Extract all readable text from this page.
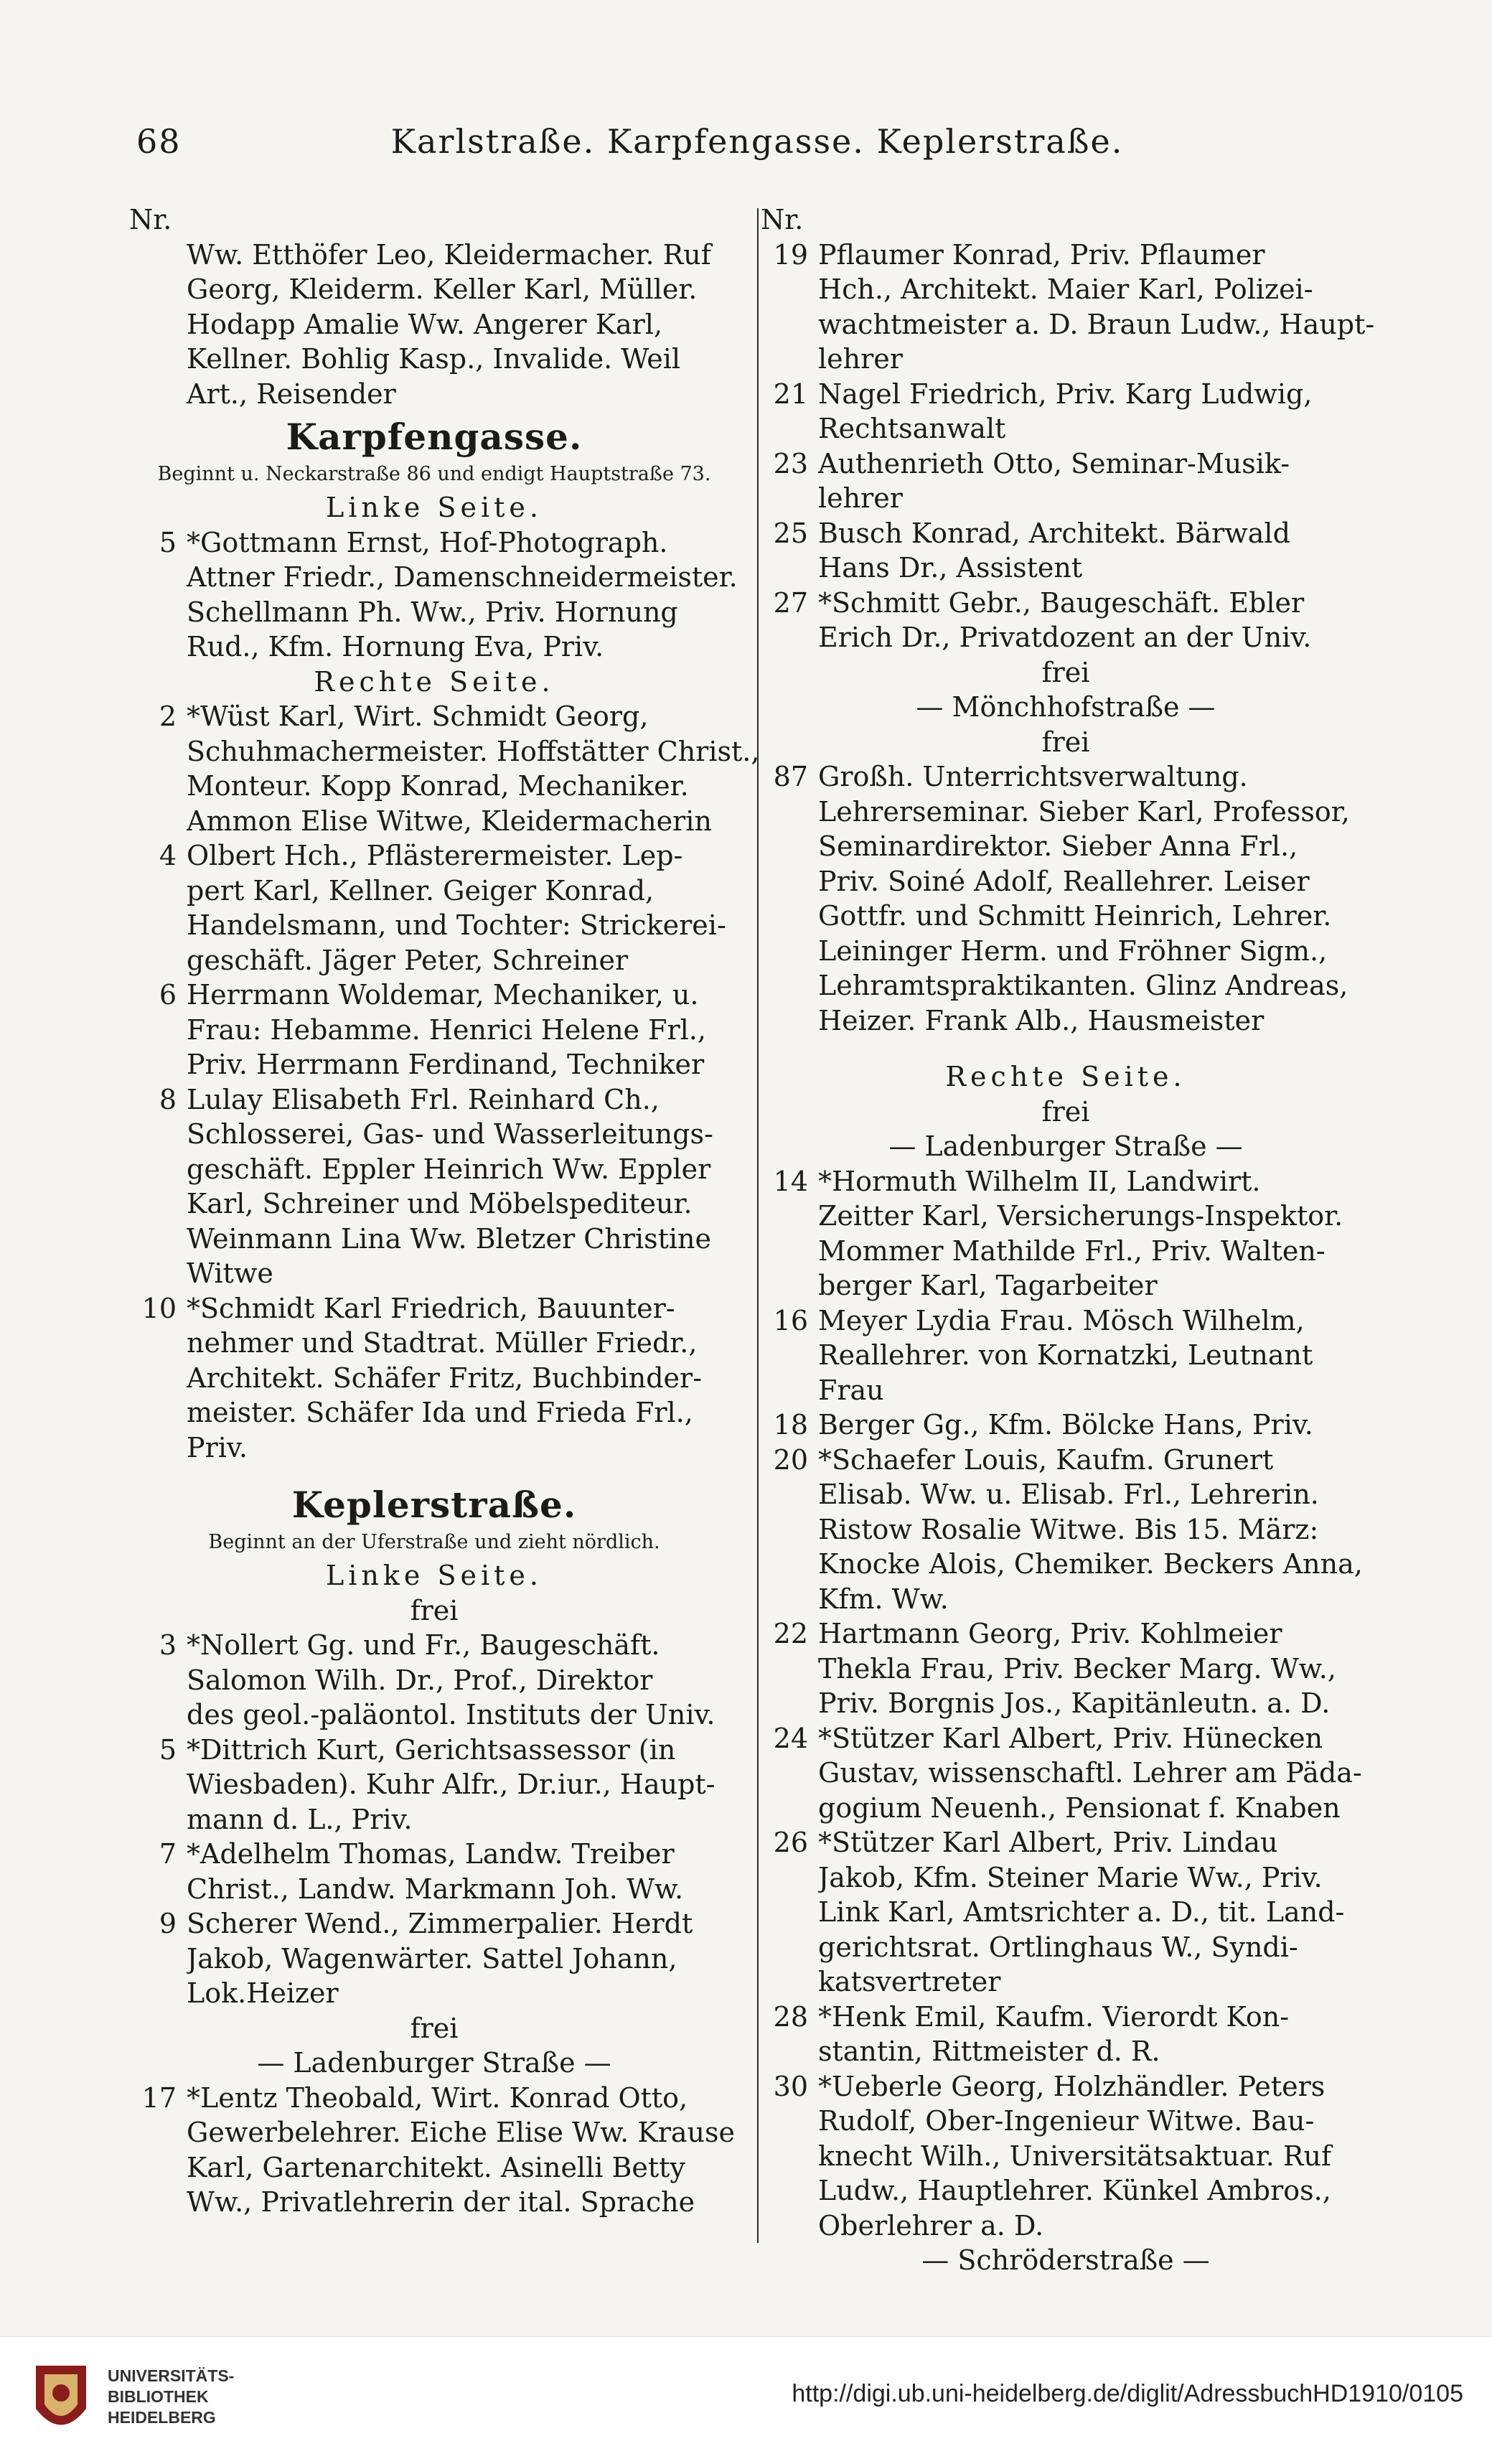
68	Karlstraße. Karpfengasse. Keplerstraße.
Nr.
Ww. Etthöfer Leo, Kleidermacher. Ruf
Georg, Kleiderm. Keller Karl, Müller.
Hodapp Amalie Ww. Angerer Karl,
Kellner. Bohlig Kasp., Invalide. Weil
Art., Reisender
Karpfengasse.
Beginnt u. Neckarstraße 86 und endigt Hauptstraße 73.
Linke Seite.
5 *Gottmann Ernst, Hof-Photograph.
Attner Friedr., Damenschneidermeister.
Schellmann Ph. Ww., Priv. Hornung
Rud., Kfm. Hornung Eva, Priv.
Rechte Seite.
2 *Wüst Karl, Wirt. Schmidt Georg,
Schuhmachermeister. Hoffstätter Christ.,
Monteur. Kopp Konrad, Mechaniker.
Ammon Elise Witwe, Kleidermacherin
4 Olbert Hch., Pflästerermeister. Lep-
pert Karl, Kellner. Geiger Konrad,
Handelsmann, und Tochter: Strickerei-
geschäft. Jäger Peter, Schreiner
6 Herrmann Woldemar, Mechaniker, u.
Frau: Hebamme. Henrici Helene Frl.,
Priv. Herrmann Ferdinand, Techniker
8 Lulay Elisabeth Frl. Reinhard Ch.,
Schlosserei, Gas- und Wasserleitungs-
geschäft. Eppler Heinrich Ww. Eppler
Karl, Schreiner und Möbelspediteur.
Weinmann Lina Ww. Bletzer Christine
Witwe
10 *Schmidt Karl Friedrich, Bauunter-
nehmer und Stadtrat. Müller Friedr.,
Architekt. Schäfer Fritz, Buchbinder-
meister. Schäfer Ida und Frieda Frl.,
Priv.
Keplerstraße.
Beginnt an der Uferstraße und zieht nördlich.
Linke Seite.
frei
3 *Nollert Gg. und Fr., Baugeschäft.
Salomon Wilh. Dr., Prof., Direktor
des geol.-paläontol. Instituts der Univ.
5 *Dittrich Kurt, Gerichtsassessor (in
Wiesbaden). Kuhr Alfr., Dr.iur., Haupt-
mann d. L., Priv.
7 *Adelhelm Thomas, Landw. Treiber
Christ., Landw. Markmann Joh. Ww.
9 Scherer Wend., Zimmerpalier. Herdt
Jakob, Wagenwärter. Sattel Johann,
Lok.Heizer
frei
— Ladenburger Straße —
17 *Lentz Theobald, Wirt. Konrad Otto,
Gewerbelehrer. Eiche Elise Ww. Krause
Karl, Gartenarchitekt. Asinelli Betty
Ww., Privatlehrerin der ital. Sprache
Nr.
19 Pflaumer Konrad, Priv. Pflaumer
Hch., Architekt. Maier Karl, Polizei-
wachtmeister a. D. Braun Ludw., Haupt-
lehrer
21 Nagel Friedrich, Priv. Karg Ludwig,
Rechtsanwalt
23 Authenrieth Otto, Seminar-Musik-
lehrer
25 Busch Konrad, Architekt. Bärwald
Hans Dr., Assistent
27 *Schmitt Gebr., Baugeschäft. Ebler
Erich Dr., Privatdozent an der Univ.
frei
— Mönchhofstraße —
frei
87 Großh. Unterrichtsverwaltung.
Lehrerseminar. Sieber Karl, Professor,
Seminardirektor. Sieber Anna Frl.,
Priv. Soiné Adolf, Reallehrer. Leiser
Gottfr. und Schmitt Heinrich, Lehrer.
Leininger Herm. und Fröhner Sigm.,
Lehramtspraktikanten. Glinz Andreas,
Heizer. Frank Alb., Hausmeister
Rechte Seite.
frei
— Ladenburger Straße —
14 *Hormuth Wilhelm II, Landwirt.
Zeitter Karl, Versicherungs-Inspektor.
Mommer Mathilde Frl., Priv. Walten-
berger Karl, Tagarbeiter
16 Meyer Lydia Frau. Mösch Wilhelm,
Reallehrer. von Kornatzki, Leutnant
Frau
18 Berger Gg., Kfm. Bölcke Hans, Priv.
20 *Schaefer Louis, Kaufm. Grunert
Elisab. Ww. u. Elisab. Frl., Lehrerin.
Ristow Rosalie Witwe. Bis 15. März:
Knocke Alois, Chemiker. Beckers Anna,
Kfm. Ww.
22 Hartmann Georg, Priv. Kohlmeier
Thekla Frau, Priv. Becker Marg. Ww.,
Priv. Borgnis Jos., Kapitänleutn. a. D.
24 *Stützer Karl Albert, Priv. Hünecken
Gustav, wissenschaftl. Lehrer am Päda-
gogium Neuenh., Pensionat f. Knaben
26 *Stützer Karl Albert, Priv. Lindau
Jakob, Kfm. Steiner Marie Ww., Priv.
Link Karl, Amtsrichter a. D., tit. Land-
gerichtsrat. Ortlinghaus W., Syndi-
katsvertreter
28 *Henk Emil, Kaufm. Vierordt Kon-
stantin, Rittmeister d. R.
30 *Ueberle Georg, Holzhändler. Peters
Rudolf, Ober-Ingenieur Witwe. Bau-
knecht Wilh., Universitätsaktuar. Ruf
Ludw., Hauptlehrer. Künkel Ambros.,
Oberlehrer a. D.
— Schröderstraße —
UNIVERSITÄTS-
BIBLIOTHEK
HEIDELBERG
http://digi.ub.uni-heidelberg.de/diglit/AdressbuchHD1910/0105
